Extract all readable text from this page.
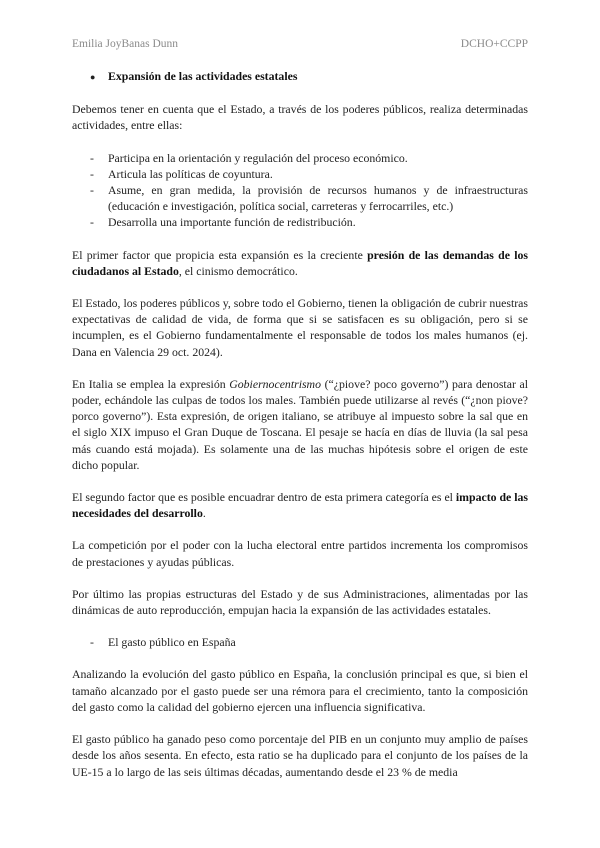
Emilia JoyBanas Dunn	DCHO+CCPP
●	Expansión de las actividades estatales

Debemos tener en cuenta que el Estado, a través de los poderes públicos, realiza determinadas actividades, entre ellas:

-	Participa en la orientación y regulación del proceso económico.
-	Articula las políticas de coyuntura.
-	Asume, en gran medida, la provisión de recursos humanos y de infraestructuras (educación e investigación, política social, carreteras y ferrocarriles, etc.)
-	Desarrolla una importante función de redistribución.

El primer factor que propicia esta expansión es la creciente presión de las demandas de los ciudadanos al Estado, el cinismo democrático.

El Estado, los poderes públicos y, sobre todo el Gobierno, tienen la obligación de cubrir nuestras expectativas de calidad de vida, de forma que si se satisfacen es su obligación, pero si se incumplen, es el Gobierno fundamentalmente el responsable de todos los males humanos (ej. Dana en Valencia 29 oct. 2024).

En Italia se emplea la expresión Gobiernocentrismo (“¿piove? poco governo”) para denostar al poder, echándole las culpas de todos los males. También puede utilizarse al revés (“¿non piove? porco governo”). Esta expresión, de origen italiano, se atribuye al impuesto sobre la sal que en el siglo XIX impuso el Gran Duque de Toscana. El pesaje se hacía en días de lluvia (la sal pesa más cuando está mojada). Es solamente una de las muchas hipótesis sobre el origen de este dicho popular.

El segundo factor que es posible encuadrar dentro de esta primera categoría es el impacto de las necesidades del desarrollo.

La competición por el poder con la lucha electoral entre partidos incrementa los compromisos de prestaciones y ayudas públicas.

Por último las propias estructuras del Estado y de sus Administraciones, alimentadas por las dinámicas de auto reproducción, empujan hacia la expansión de las actividades estatales.

-	El gasto público en España

Analizando la evolución del gasto público en España, la conclusión principal es que, si bien el tamaño alcanzado por el gasto puede ser una rémora para el crecimiento, tanto la composición del gasto como la calidad del gobierno ejercen una influencia significativa.

El gasto público ha ganado peso como porcentaje del PIB en un conjunto muy amplio de países desde los años sesenta. En efecto, esta ratio se ha duplicado para el conjunto de los países de la UE-15 a lo largo de las seis últimas décadas, aumentando desde el 23 % de media
